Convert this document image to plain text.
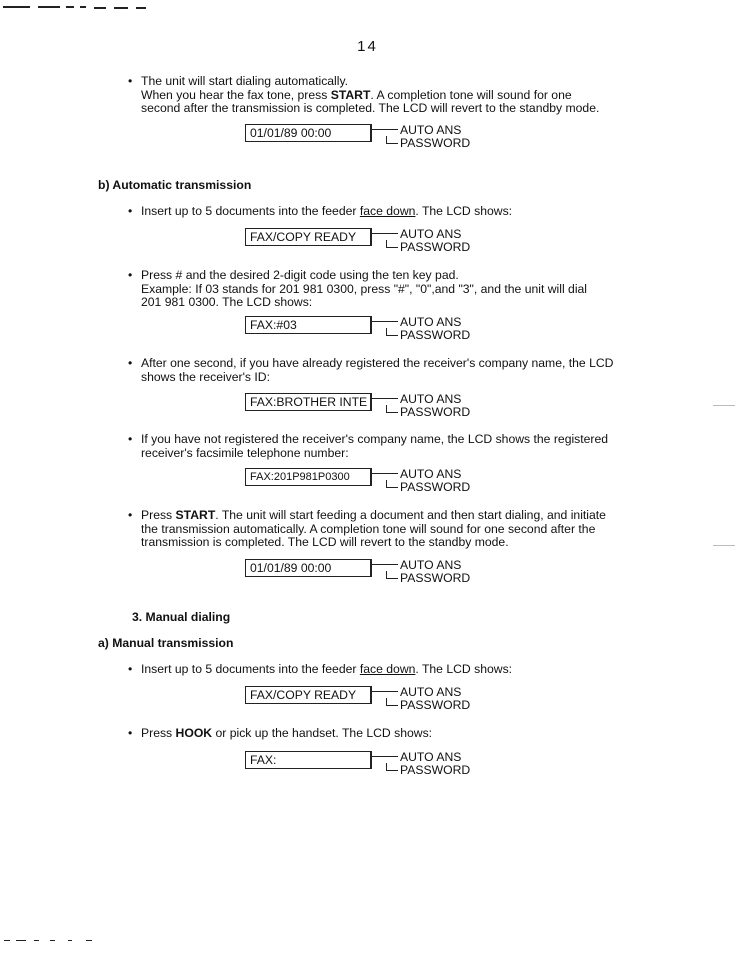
14
• The unit will start dialing automatically.
When you hear the fax tone, press START. A completion tone will sound for one
second after the transmission is completed. The LCD will revert to the standby mode.
01/01/89 00:00	AUTO ANS
PASSWORD
b) Automatic transmission
• Insert up to 5 documents into the feeder face down. The LCD shows:
FAX/COPY READY	AUTO ANS
PASSWORD
• Press # and the desired 2-digit code using the ten key pad.
Example: If 03 stands for 201 981 0300, press "#", "0",and "3", and the unit will dial
201 981 0300. The LCD shows:
FAX:#03	AUTO ANS
PASSWORD
• After one second, if you have already registered the receiver's company name, the LCD
shows the receiver's ID:
FAX:BROTHER INTE	AUTO ANS
PASSWORD
• If you have not registered the receiver's company name, the LCD shows the registered
receiver's facsimile telephone number:
FAX:201P981P0300	AUTO ANS
PASSWORD
• Press START. The unit will start feeding a document and then start dialing, and initiate
the transmission automatically. A completion tone will sound for one second after the
transmission is completed. The LCD will revert to the standby mode.
01/01/89 00:00	AUTO ANS
PASSWORD
3. Manual dialing
a) Manual transmission
• Insert up to 5 documents into the feeder face down. The LCD shows:
FAX/COPY READY	AUTO ANS
PASSWORD
• Press HOOK or pick up the handset. The LCD shows:
FAX:	AUTO ANS
PASSWORD
